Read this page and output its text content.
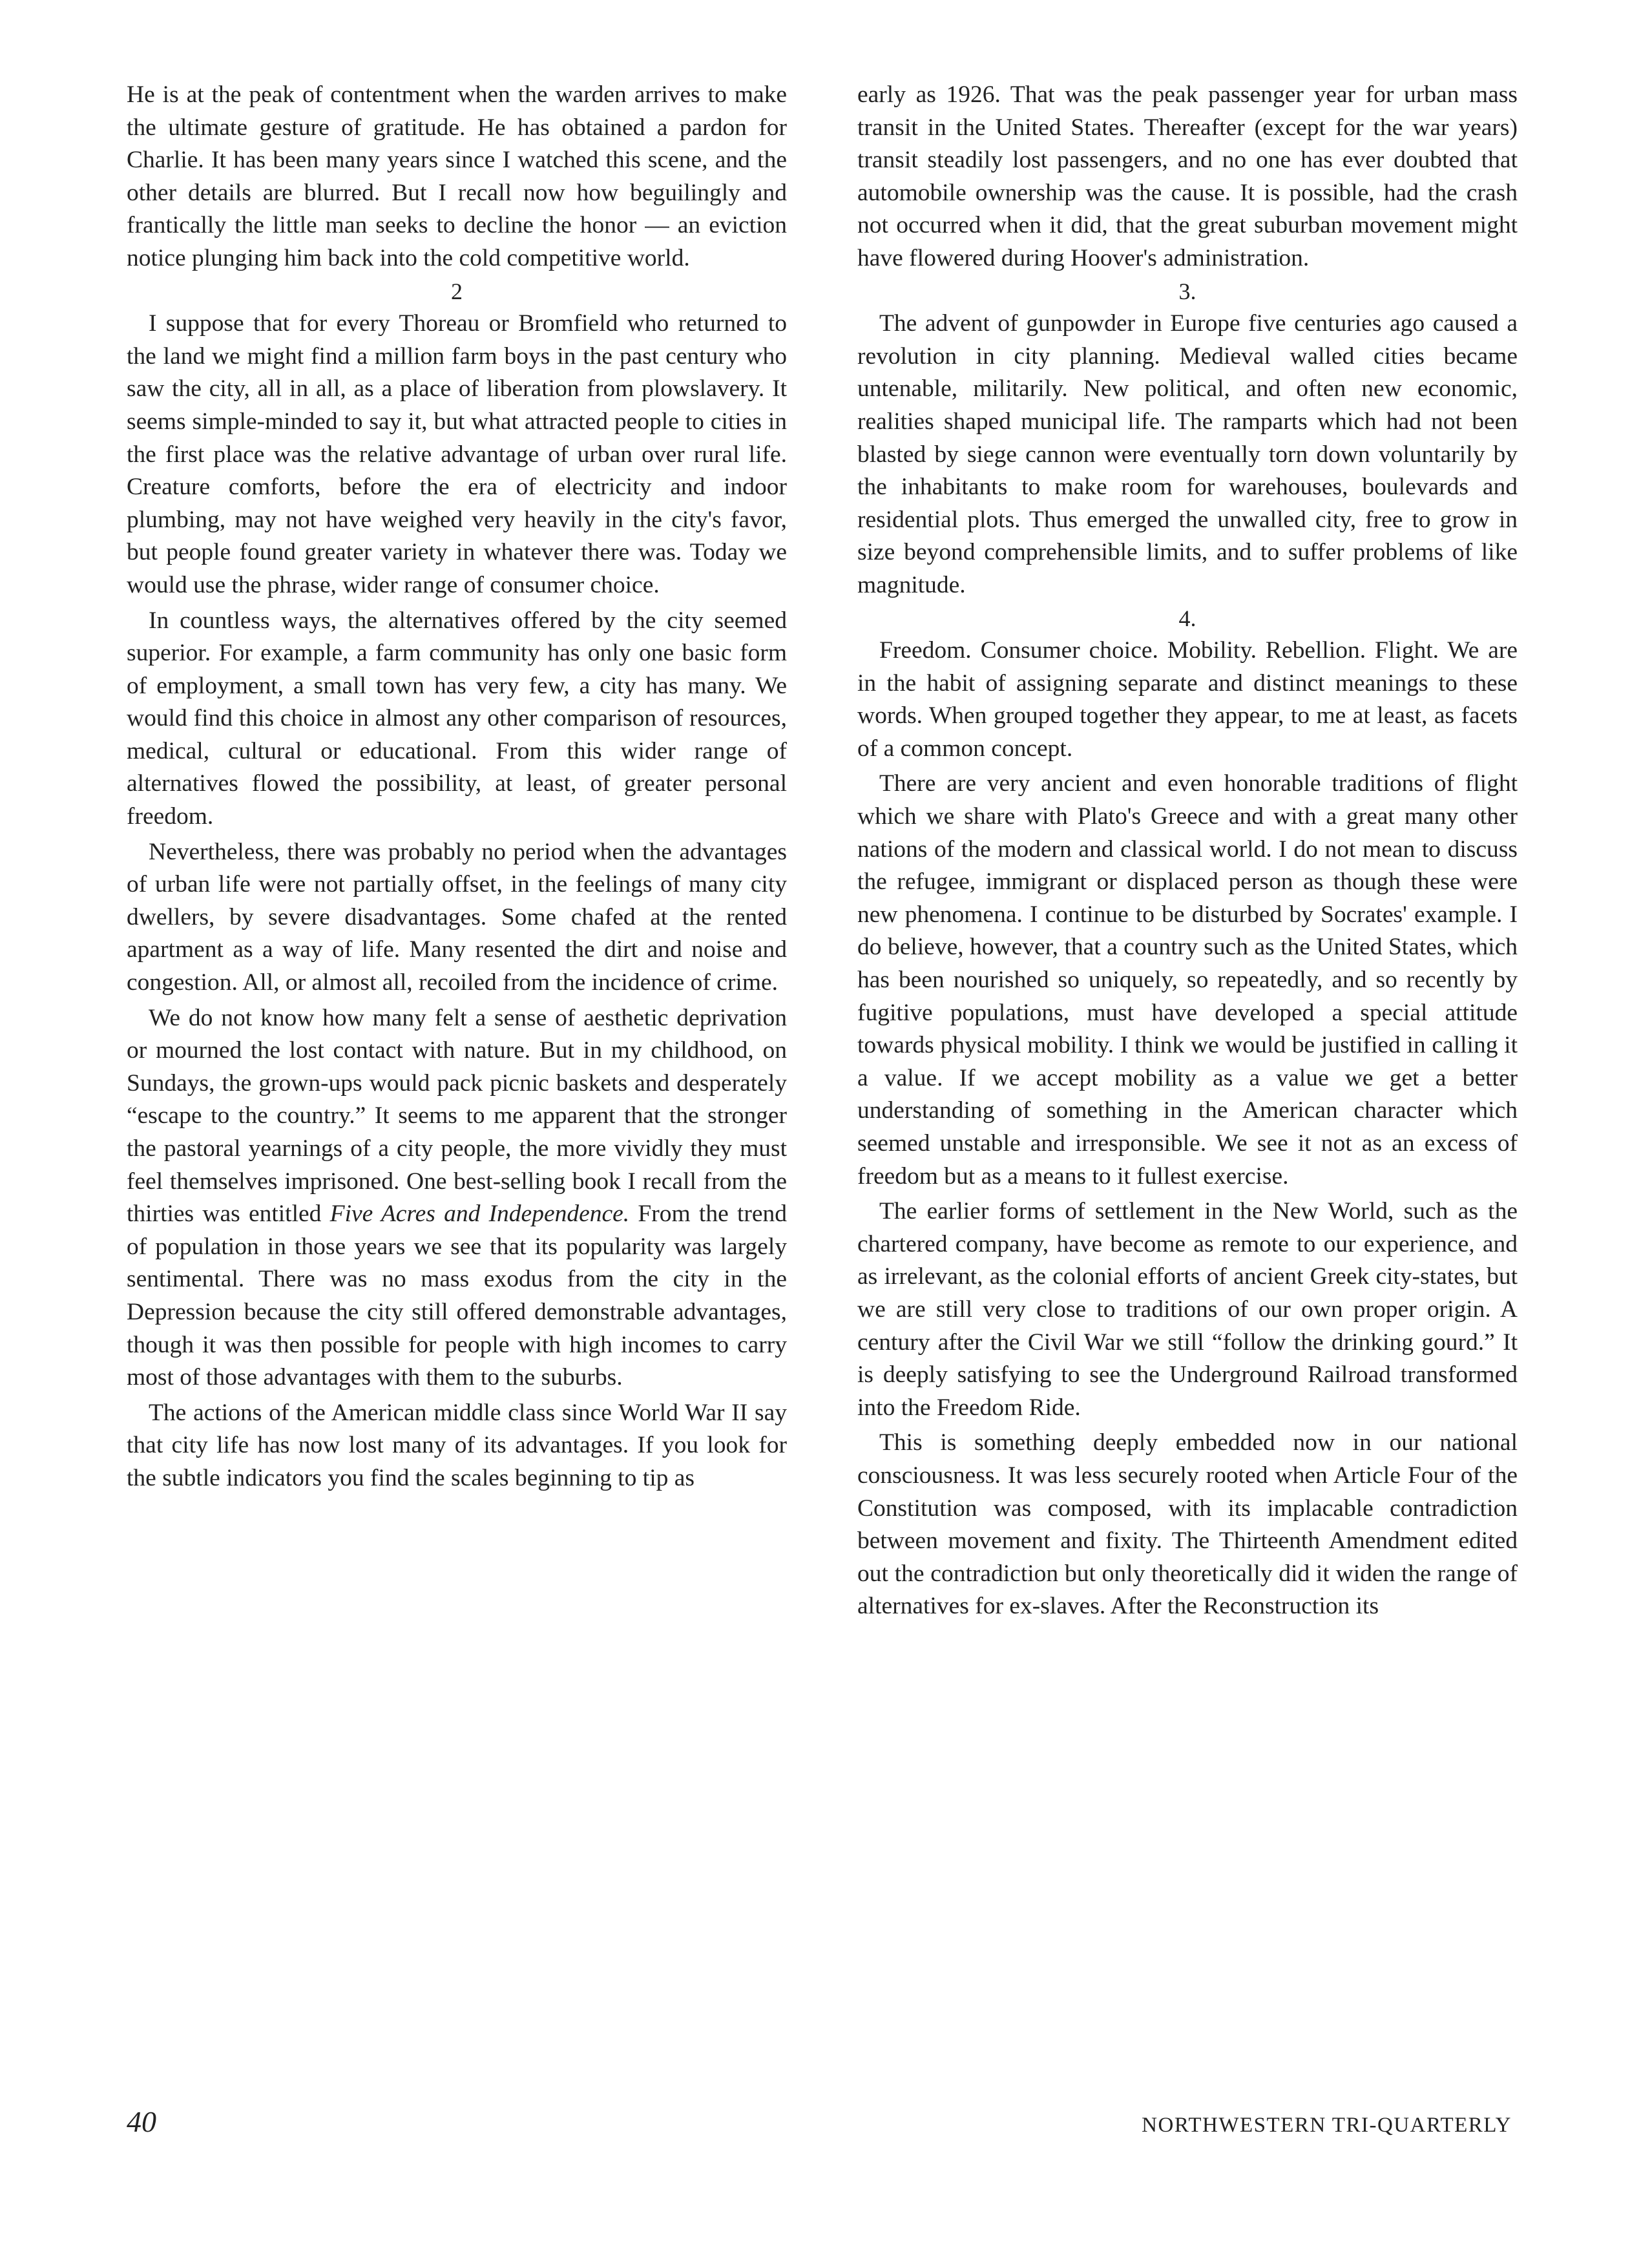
He is at the peak of contentment when the warden arrives to make the ultimate gesture of gratitude. He has obtained a pardon for Charlie. It has been many years since I watched this scene, and the other details are blurred. But I recall now how beguilingly and frantically the little man seeks to decline the honor — an eviction notice plunging him back into the cold competitive world.

2

I suppose that for every Thoreau or Bromfield who returned to the land we might find a million farm boys in the past century who saw the city, all in all, as a place of liberation from plowslavery. It seems simple-minded to say it, but what attracted people to cities in the first place was the relative advantage of urban over rural life. Creature comforts, before the era of electricity and indoor plumbing, may not have weighed very heavily in the city's favor, but people found greater variety in whatever there was. Today we would use the phrase, wider range of consumer choice.

In countless ways, the alternatives offered by the city seemed superior. For example, a farm community has only one basic form of employment, a small town has very few, a city has many. We would find this choice in almost any other comparison of resources, medical, cultural or educational. From this wider range of alternatives flowed the possibility, at least, of greater personal freedom.

Nevertheless, there was probably no period when the advantages of urban life were not partially offset, in the feelings of many city dwellers, by severe disadvantages. Some chafed at the rented apartment as a way of life. Many resented the dirt and noise and congestion. All, or almost all, recoiled from the incidence of crime.

We do not know how many felt a sense of aesthetic deprivation or mourned the lost contact with nature. But in my childhood, on Sundays, the grown-ups would pack picnic baskets and desperately “escape to the country.” It seems to me apparent that the stronger the pastoral yearnings of a city people, the more vividly they must feel themselves imprisoned. One best-selling book I recall from the thirties was entitled Five Acres and Independence. From the trend of population in those years we see that its popularity was largely sentimental. There was no mass exodus from the city in the Depression because the city still offered demonstrable advantages, though it was then possible for people with high incomes to carry most of those advantages with them to the suburbs.

The actions of the American middle class since World War II say that city life has now lost many of its advantages. If you look for the subtle indicators you find the scales beginning to tip as

early as 1926. That was the peak passenger year for urban mass transit in the United States. Thereafter (except for the war years) transit steadily lost passengers, and no one has ever doubted that automobile ownership was the cause. It is possible, had the crash not occurred when it did, that the great suburban movement might have flowered during Hoover's administration.

3.

The advent of gunpowder in Europe five centuries ago caused a revolution in city planning. Medieval walled cities became untenable, militarily. New political, and often new economic, realities shaped municipal life. The ramparts which had not been blasted by siege cannon were eventually torn down voluntarily by the inhabitants to make room for warehouses, boulevards and residential plots. Thus emerged the unwalled city, free to grow in size beyond comprehensible limits, and to suffer problems of like magnitude.

4.

Freedom. Consumer choice. Mobility. Rebellion. Flight. We are in the habit of assigning separate and distinct meanings to these words. When grouped together they appear, to me at least, as facets of a common concept.

There are very ancient and even honorable traditions of flight which we share with Plato's Greece and with a great many other nations of the modern and classical world. I do not mean to discuss the refugee, immigrant or displaced person as though these were new phenomena. I continue to be disturbed by Socrates' example. I do believe, however, that a country such as the United States, which has been nourished so uniquely, so repeatedly, and so recently by fugitive populations, must have developed a special attitude towards physical mobility. I think we would be justified in calling it a value. If we accept mobility as a value we get a better understanding of something in the American character which seemed unstable and irresponsible. We see it not as an excess of freedom but as a means to it fullest exercise.

The earlier forms of settlement in the New World, such as the chartered company, have become as remote to our experience, and as irrelevant, as the colonial efforts of ancient Greek city-states, but we are still very close to traditions of our own proper origin. A century after the Civil War we still “follow the drinking gourd.” It is deeply satisfying to see the Underground Railroad transformed into the Freedom Ride.

This is something deeply embedded now in our national consciousness. It was less securely rooted when Article Four of the Constitution was composed, with its implacable contradiction between movement and fixity. The Thirteenth Amendment edited out the contradiction but only theoretically did it widen the range of alternatives for ex-slaves. After the Reconstruction its

40	NORTHWESTERN TRI-QUARTERLY
